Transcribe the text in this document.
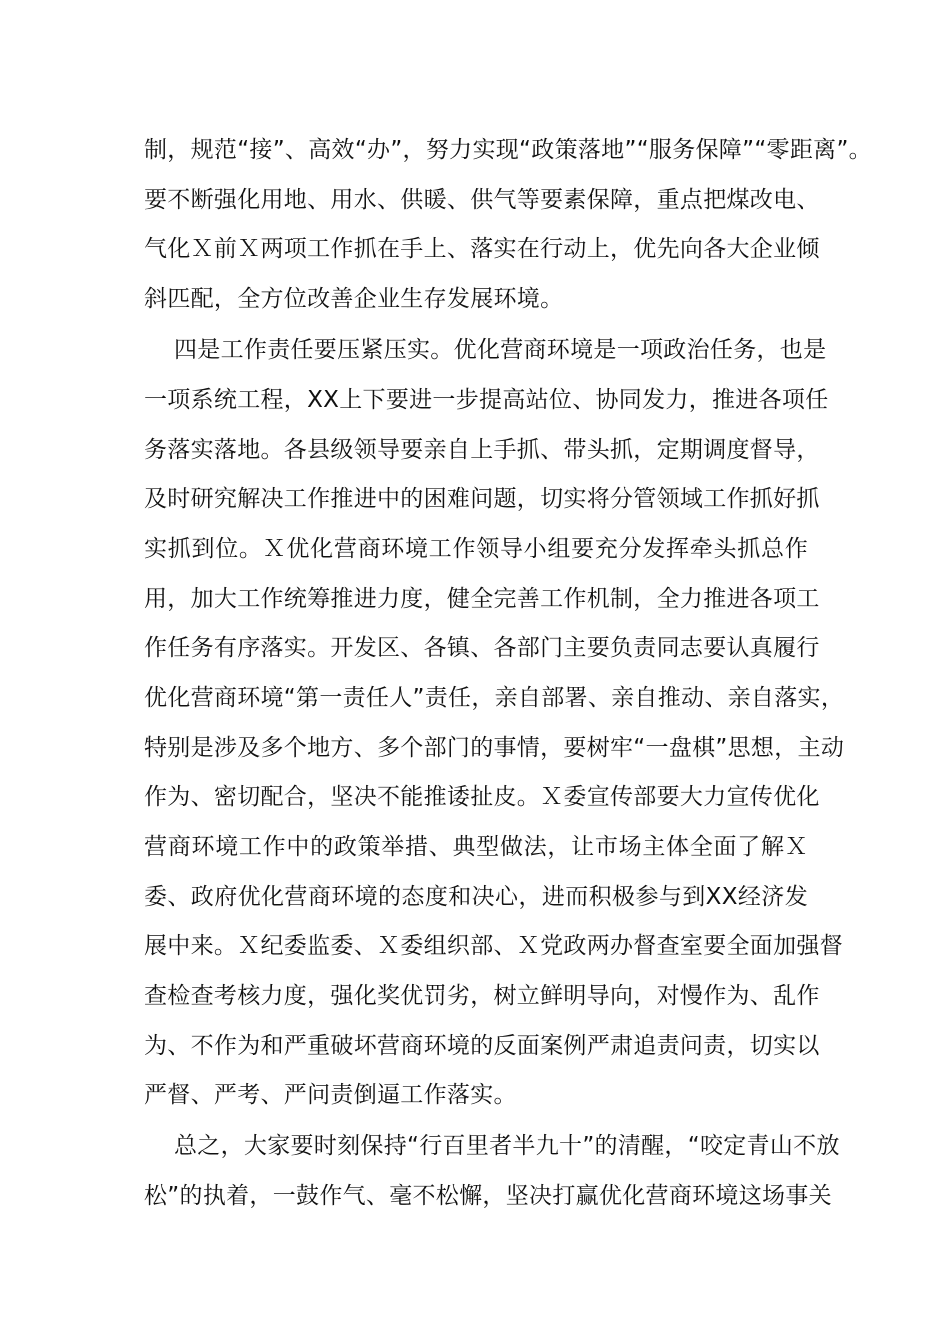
制，规范“接”、高效“办”，努力实现“政策落地”“服务保障”“零距离”。
要不断强化用地、用水、供暖、供气等要素保障，重点把煤改电、
气化Ｘ前Ｘ两项工作抓在手上、落实在行动上，优先向各大企业倾
斜匹配，全方位改善企业生存发展环境。
四是工作责任要压紧压实。优化营商环境是一项政治任务，也是
一项系统工程，XX上下要进一步提高站位、协同发力，推进各项任
务落实落地。各县级领导要亲自上手抓、带头抓，定期调度督导，
及时研究解决工作推进中的困难问题，切实将分管领域工作抓好抓
实抓到位。Ｘ优化营商环境工作领导小组要充分发挥牵头抓总作
用，加大工作统筹推进力度，健全完善工作机制，全力推进各项工
作任务有序落实。开发区、各镇、各部门主要负责同志要认真履行
优化营商环境“第一责任人”责任，亲自部署、亲自推动、亲自落实，
特别是涉及多个地方、多个部门的事情，要树牢“一盘棋”思想，主动
作为、密切配合，坚决不能推诿扯皮。Ｘ委宣传部要大力宣传优化
营商环境工作中的政策举措、典型做法，让市场主体全面了解Ｘ
委、政府优化营商环境的态度和决心，进而积极参与到XX经济发
展中来。Ｘ纪委监委、Ｘ委组织部、Ｘ党政两办督查室要全面加强督
查检查考核力度，强化奖优罚劣，树立鲜明导向，对慢作为、乱作
为、不作为和严重破坏营商环境的反面案例严肃追责问责，切实以
严督、严考、严问责倒逼工作落实。
总之，大家要时刻保持“行百里者半九十”的清醒，“咬定青山不放
松”的执着，一鼓作气、毫不松懈，坚决打赢优化营商环境这场事关
